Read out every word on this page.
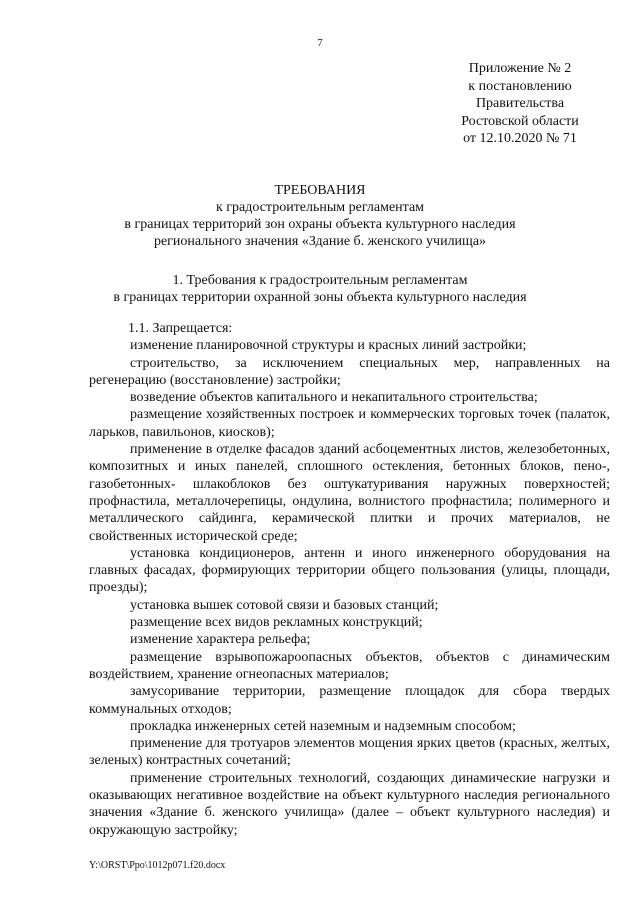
7
Приложение № 2
к постановлению
Правительства
Ростовской области
от 12.10.2020 № 71
ТРЕБОВАНИЯ
к градостроительным регламентам
в границах территорий зон охраны объекта культурного наследия
регионального значения «Здание б. женского училища»
1. Требования к градостроительным регламентам
в границах территории охранной зоны объекта культурного наследия

1.1. Запрещается:

изменение планировочной структуры и красных линий застройки;

строительство, за исключением специальных мер, направленных на регенерацию (восстановление) застройки;

возведение объектов капитального и некапитального строительства;

размещение хозяйственных построек и коммерческих торговых точек (палаток, ларьков, павильонов, киосков);

применение в отделке фасадов зданий асбоцементных листов, железобетонных, композитных и иных панелей, сплошного остекления, бетонных блоков, пено-, газобетонных- шлакоблоков без оштукатуривания наружных поверхностей; профнастила, металлочерепицы, ондулина, волнистого профнастила; полимерного и металлического сайдинга, керамической плитки и прочих материалов, не свойственных исторической среде;

установка кондиционеров, антенн и иного инженерного оборудования на главных фасадах, формирующих территории общего пользования (улицы, площади, проезды);

установка вышек сотовой связи и базовых станций;

размещение всех видов рекламных конструкций;

изменение характера рельефа;

размещение взрывопожароопасных объектов, объектов с динамическим воздействием, хранение огнеопасных материалов;

замусоривание территории, размещение площадок для сбора твердых коммунальных отходов;

прокладка инженерных сетей наземным и надземным способом;

применение для тротуаров элементов мощения ярких цветов (красных, желтых, зеленых) контрастных сочетаний;

применение строительных технологий, создающих динамические нагрузки и оказывающих негативное воздействие на объект культурного наследия регионального значения «Здание б. женского училища» (далее – объект культурного наследия) и окружающую застройку;

Y:\ORST\Ppo\1012p071.f20.docx
